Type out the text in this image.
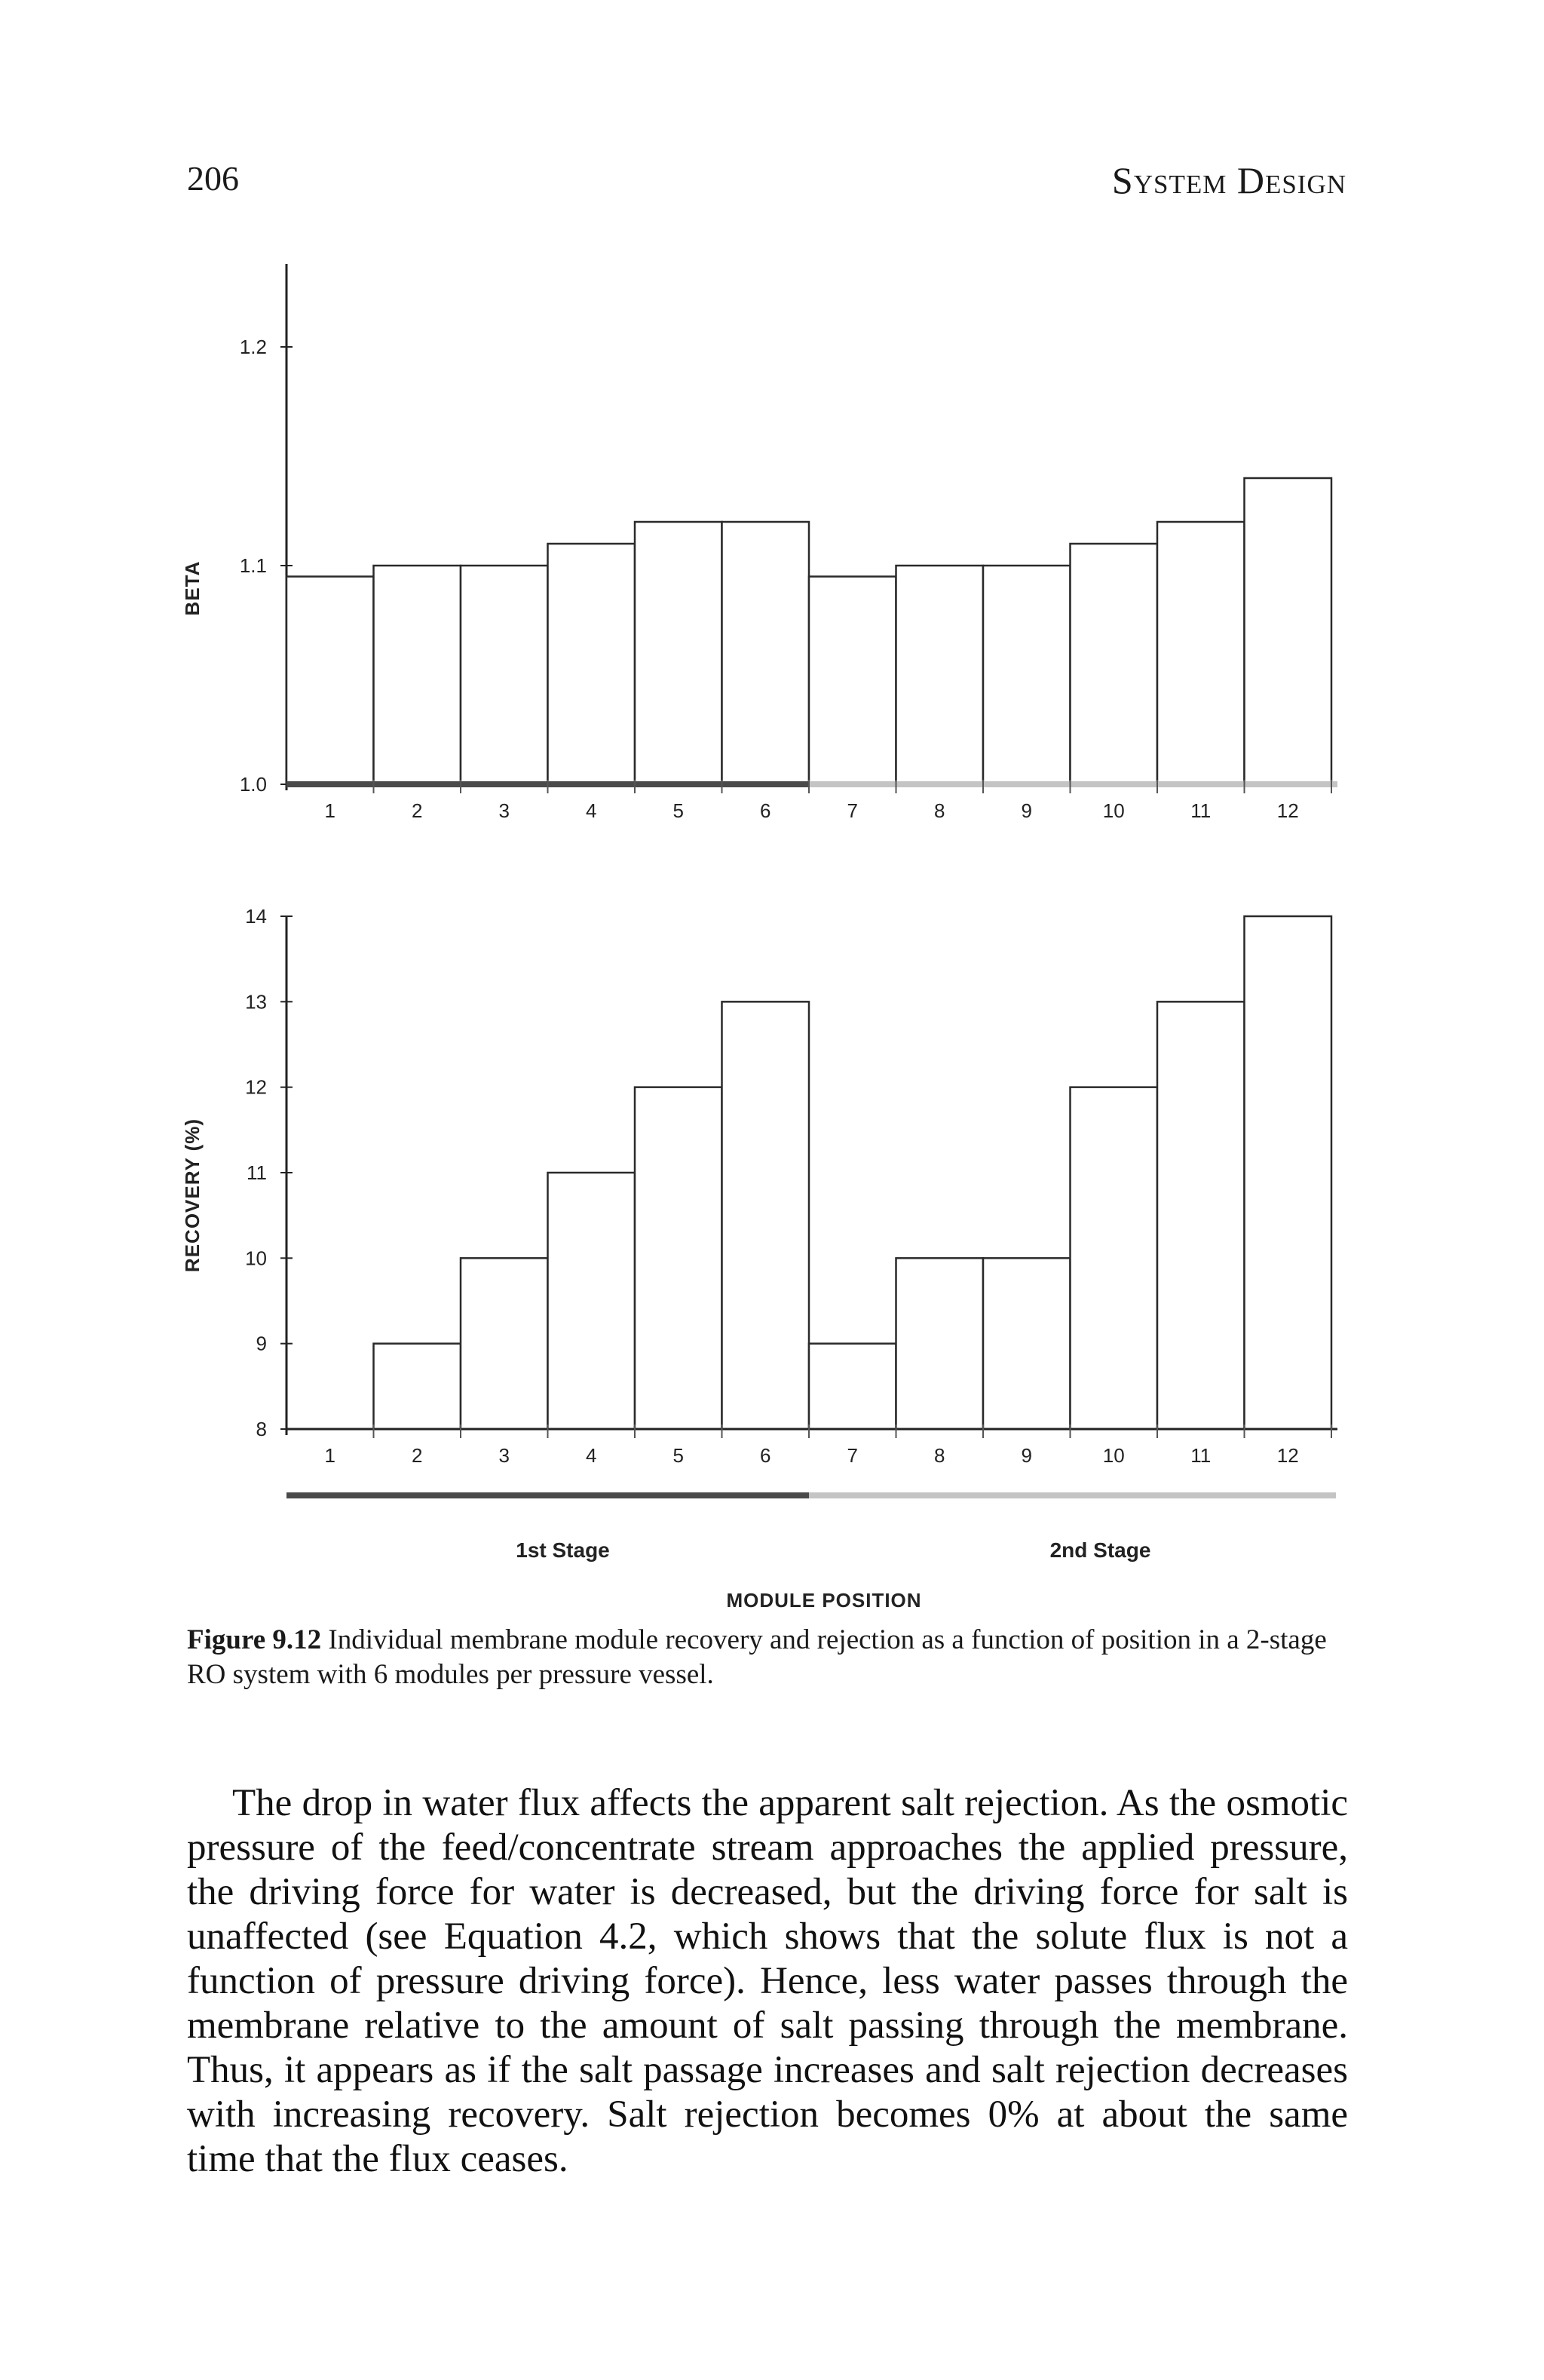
206	System Design
1.0
1.1
1.2
BETA
1	2	3	4	5	6	7	8	9	10	11	12
8
9
10
11
12
13
14
RECOVERY (%)
1	2	3	4	5	6	7	8	9	10	11	12
1st Stage	2nd Stage
MODULE POSITION

Figure 9.12 Individual membrane module recovery and rejection as a function of position in a 2-stage RO system with 6 modules per pressure vessel.

The drop in water flux affects the apparent salt rejection. As the osmotic pressure of the feed/concentrate stream approaches the applied pressure, the driving force for water is decreased, but the driving force for salt is unaffected (see Equation 4.2, which shows that the solute flux is not a function of pressure driving force). Hence, less water passes through the membrane relative to the amount of salt passing through the membrane. Thus, it appears as if the salt passage increases and salt rejection decreases with increasing recovery. Salt rejection becomes 0% at about the same time that the flux ceases.
